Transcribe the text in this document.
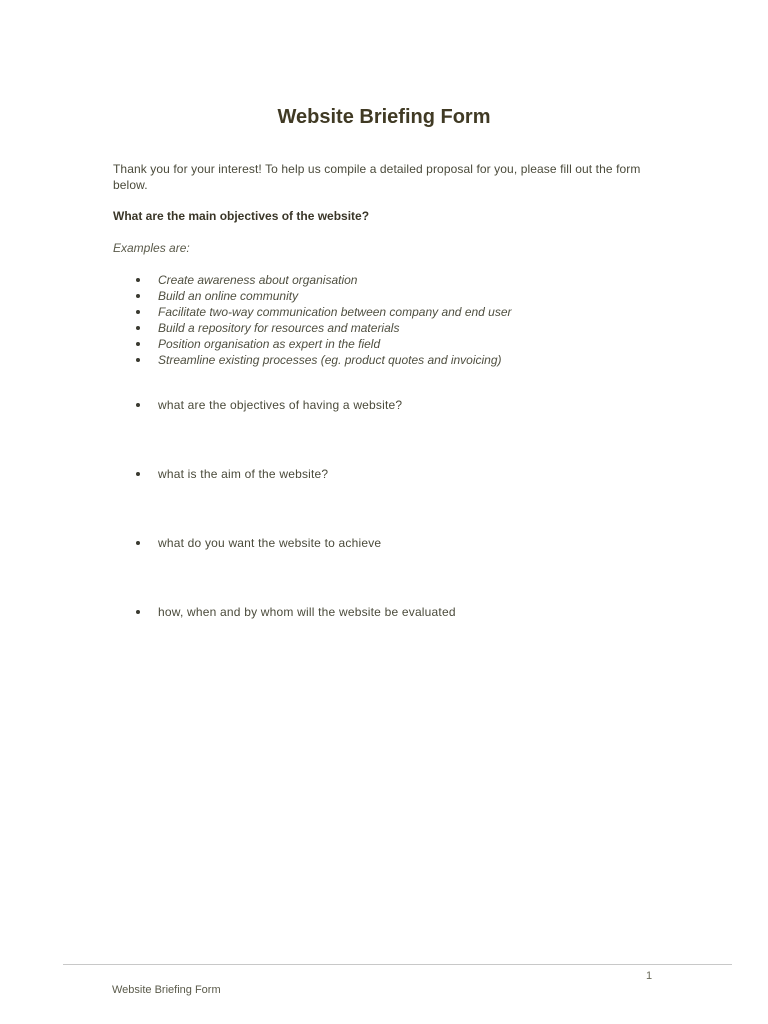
Website Briefing Form
Thank you for your interest! To help us compile a detailed proposal for you, please fill out the form below.
What are the main objectives of the website?
Examples are:
Create awareness about organisation
Build an online community
Facilitate two-way communication between company and end user
Build a repository for resources and materials
Position organisation as expert in the field
Streamline existing processes (eg. product quotes and invoicing)
what are the objectives of having a website?
what is the aim of the website?
what do you want the website to achieve
how, when and by whom will the website be evaluated
1
Website Briefing Form
